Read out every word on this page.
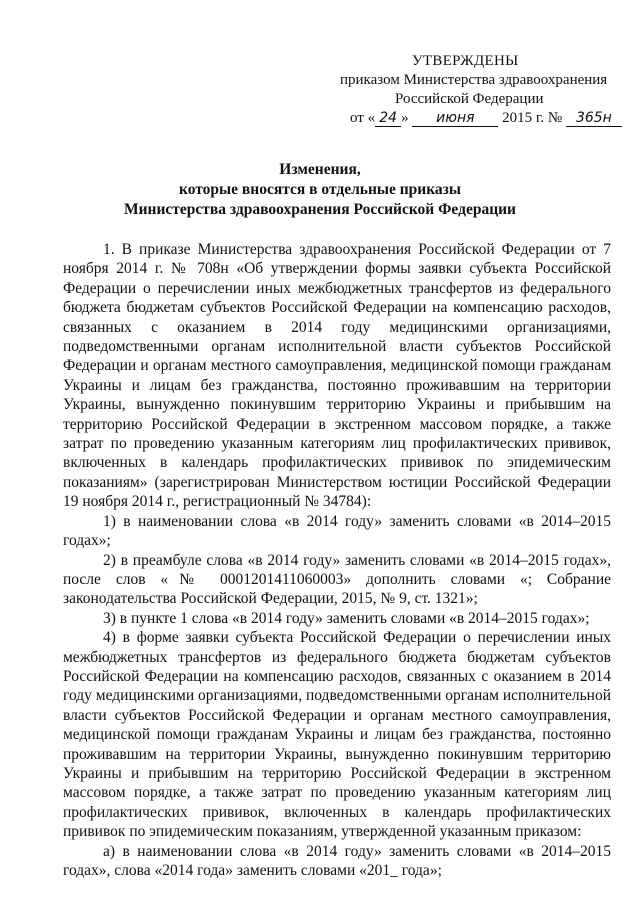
УТВЕРЖДЕНЫ
приказом Министерства здравоохранения
Российской Федерации
от « 24 » июня 2015 г. № 365н
Изменения,
которые вносятся в отдельные приказы
Министерства здравоохранения Российской Федерации

1. В приказе Министерства здравоохранения Российской Федерации от 7 ноября 2014 г. № 708н «Об утверждении формы заявки субъекта Российской Федерации о перечислении иных межбюджетных трансфертов из федерального бюджета бюджетам субъектов Российской Федерации на компенсацию расходов, связанных с оказанием в 2014 году медицинскими организациями, подведомственными органам исполнительной власти субъектов Российской Федерации и органам местного самоуправления, медицинской помощи гражданам Украины и лицам без гражданства, постоянно проживавшим на территории Украины, вынужденно покинувшим территорию Украины и прибывшим на территорию Российской Федерации в экстренном массовом порядке, а также затрат по проведению указанным категориям лиц профилактических прививок, включенных в календарь профилактических прививок по эпидемическим показаниям» (зарегистрирован Министерством юстиции Российской Федерации 19 ноября 2014 г., регистрационный № 34784):

1) в наименовании слова «в 2014 году» заменить словами «в 2014–2015 годах»;

2) в преамбуле слова «в 2014 году» заменить словами «в 2014–2015 годах», после слов «№ 0001201411060003» дополнить словами «; Собрание законодательства Российской Федерации, 2015, № 9, ст. 1321»;

3) в пункте 1 слова «в 2014 году» заменить словами «в 2014–2015 годах»;

4) в форме заявки субъекта Российской Федерации о перечислении иных межбюджетных трансфертов из федерального бюджета бюджетам субъектов Российской Федерации на компенсацию расходов, связанных с оказанием в 2014 году медицинскими организациями, подведомственными органам исполнительной власти субъектов Российской Федерации и органам местного самоуправления, медицинской помощи гражданам Украины и лицам без гражданства, постоянно проживавшим на территории Украины, вынужденно покинувшим территорию Украины и прибывшим на территорию Российской Федерации в экстренном массовом порядке, а также затрат по проведению указанным категориям лиц профилактических прививок, включенных в календарь профилактических прививок по эпидемическим показаниям, утвержденной указанным приказом:

а) в наименовании слова «в 2014 году» заменить словами «в 2014–2015 годах», слова «2014 года» заменить словами «201_ года»;
